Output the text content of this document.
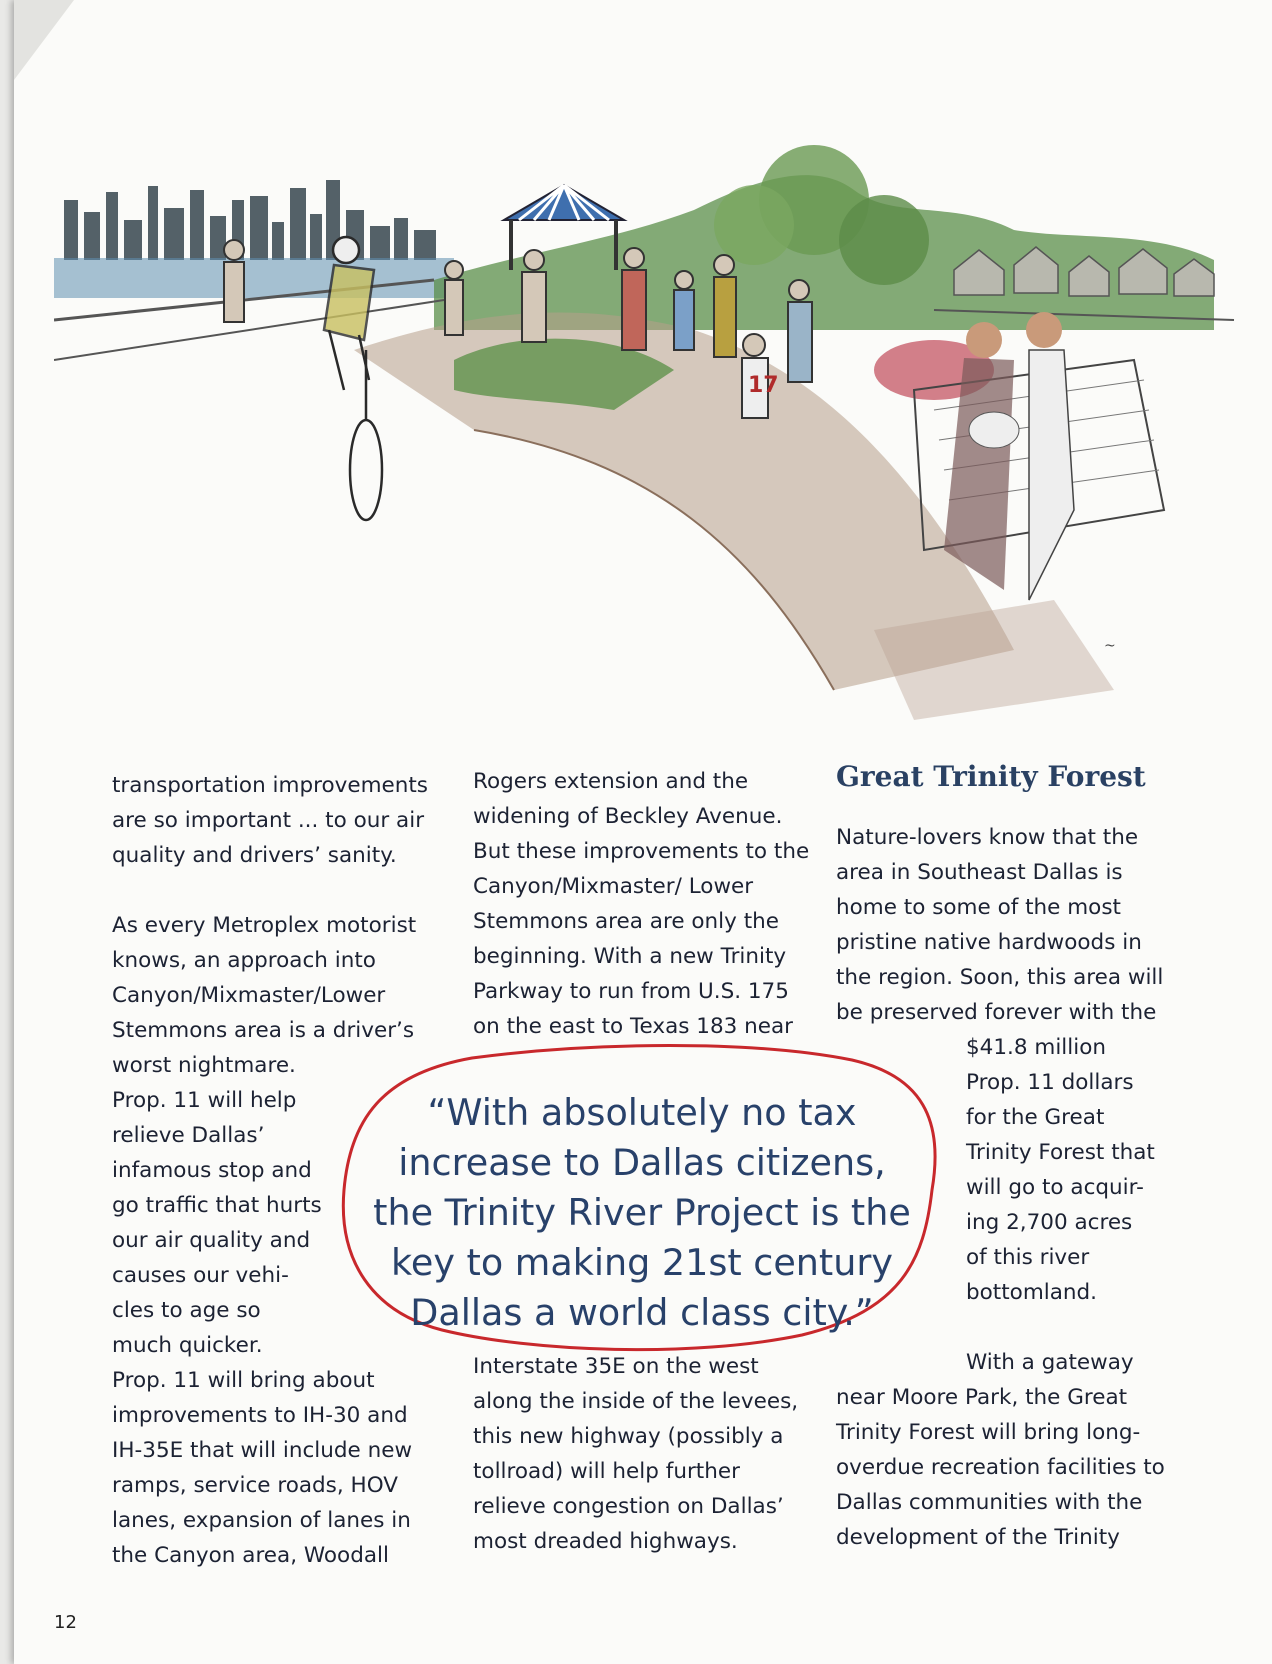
17
~

transportation improvements
are so important ... to our air
quality and drivers’ sanity.

As every Metroplex motorist
knows, an approach into
Canyon/Mixmaster/Lower
Stemmons area is a driver’s
worst nightmare.
Prop. 11 will help
relieve Dallas’
infamous stop and
go traffic that hurts
our air quality and
causes our vehi-
cles to age so
much quicker.
Prop. 11 will bring about
improvements to IH-30 and
IH-35E that will include new
ramps, service roads, HOV
lanes, expansion of lanes in
the Canyon area, Woodall

Rogers extension and the
widening of Beckley Avenue.
But these improvements to the
Canyon/Mixmaster/ Lower
Stemmons area are only the
beginning. With a new Trinity
Parkway to run from U.S. 175
on the east to Texas 183 near

Interstate 35E on the west
along the inside of the levees,
this new highway (possibly a
tollroad) will help further
relieve congestion on Dallas’
most dreaded highways.

Great Trinity Forest

Nature-lovers know that the
area in Southeast Dallas is
home to some of the most
pristine native hardwoods in
the region. Soon, this area will
be preserved forever with the

$41.8 million
Prop. 11 dollars
for the Great
Trinity Forest that
will go to acquir-
ing 2,700 acres
of this river
bottomland.

With a gateway
near Moore Park, the Great
Trinity Forest will bring long-
overdue recreation facilities to
Dallas communities with the
development of the Trinity

“With absolutely no tax
increase to Dallas citizens,
the Trinity River Project is the
key to making 21st century
Dallas a world class city.”
12
